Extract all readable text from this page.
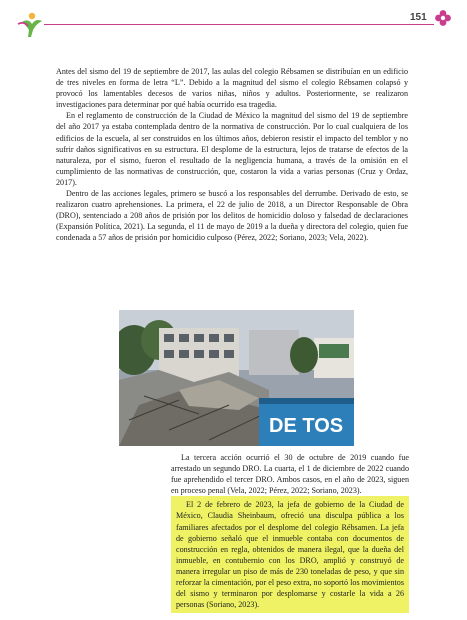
151

Antes del sismo del 19 de septiembre de 2017, las aulas del colegio Rébsamen se distribuían en un edificio de tres niveles en forma de letra “L”. Debido a la magnitud del sismo el colegio Rébsamen colapsó y provocó los lamentables decesos de varios niñas, niños y adultos. Posteriormente, se realizaron investigaciones para determinar por qué había ocurrido esa tragedia.

En el reglamento de construcción de la Ciudad de México la magnitud del sismo del 19 de septiembre del año 2017 ya estaba contemplada dentro de la normativa de construcción. Por lo cual cualquiera de los edificios de la escuela, al ser construidos en los últimos años, debieron resistir el impacto del temblor y no sufrir daños significativos en su estructura. El desplome de la estructura, lejos de tratarse de efectos de la naturaleza, por el sismo, fueron el resultado de la negligencia humana, a través de la omisión en el cumplimiento de las normativas de construcción, que, costaron la vida a varias personas (Cruz y Ordaz, 2017).

Dentro de las acciones legales, primero se buscó a los responsables del derrumbe. Derivado de esto, se realizaron cuatro aprehensiones. La primera, el 22 de julio de 2018, a un Director Responsable de Obra (DRO), sentenciado a 208 años de prisión por los delitos de homicidio doloso y falsedad de declaraciones (Expansión Política, 2021). La segunda, el 11 de mayo de 2019 a la dueña y directora del colegio, quien fue condenada a 57 años de prisión por homicidio culposo (Pérez, 2022; Soriano, 2023; Vela, 2022).

DE TOS

La tercera acción ocurrió el 30 de octubre de 2019 cuando fue arrestado un segundo DRO. La cuarta, el 1 de diciembre de 2022 cuando fue aprehendido el tercer DRO. Ambos casos, en el año de 2023, siguen en proceso penal (Vela, 2022; Pérez, 2022; Soriano, 2023).

El 2 de febrero de 2023, la jefa de gobierno de la Ciudad de México, Claudia Sheinbaum, ofreció una disculpa pública a los familiares afectados por el desplome del colegio Rébsamen. La jefa de gobierno señaló que el inmueble contaba con documentos de construcción en regla, obtenidos de manera ilegal, que la dueña del inmueble, en contubernio con los DRO, amplió y construyó de manera irregular un piso de más de 230 toneladas de peso, y que sin reforzar la cimentación, por el peso extra, no soportó los movimientos del sismo y terminaron por desplomarse y costarle la vida a 26 personas (Soriano, 2023).
